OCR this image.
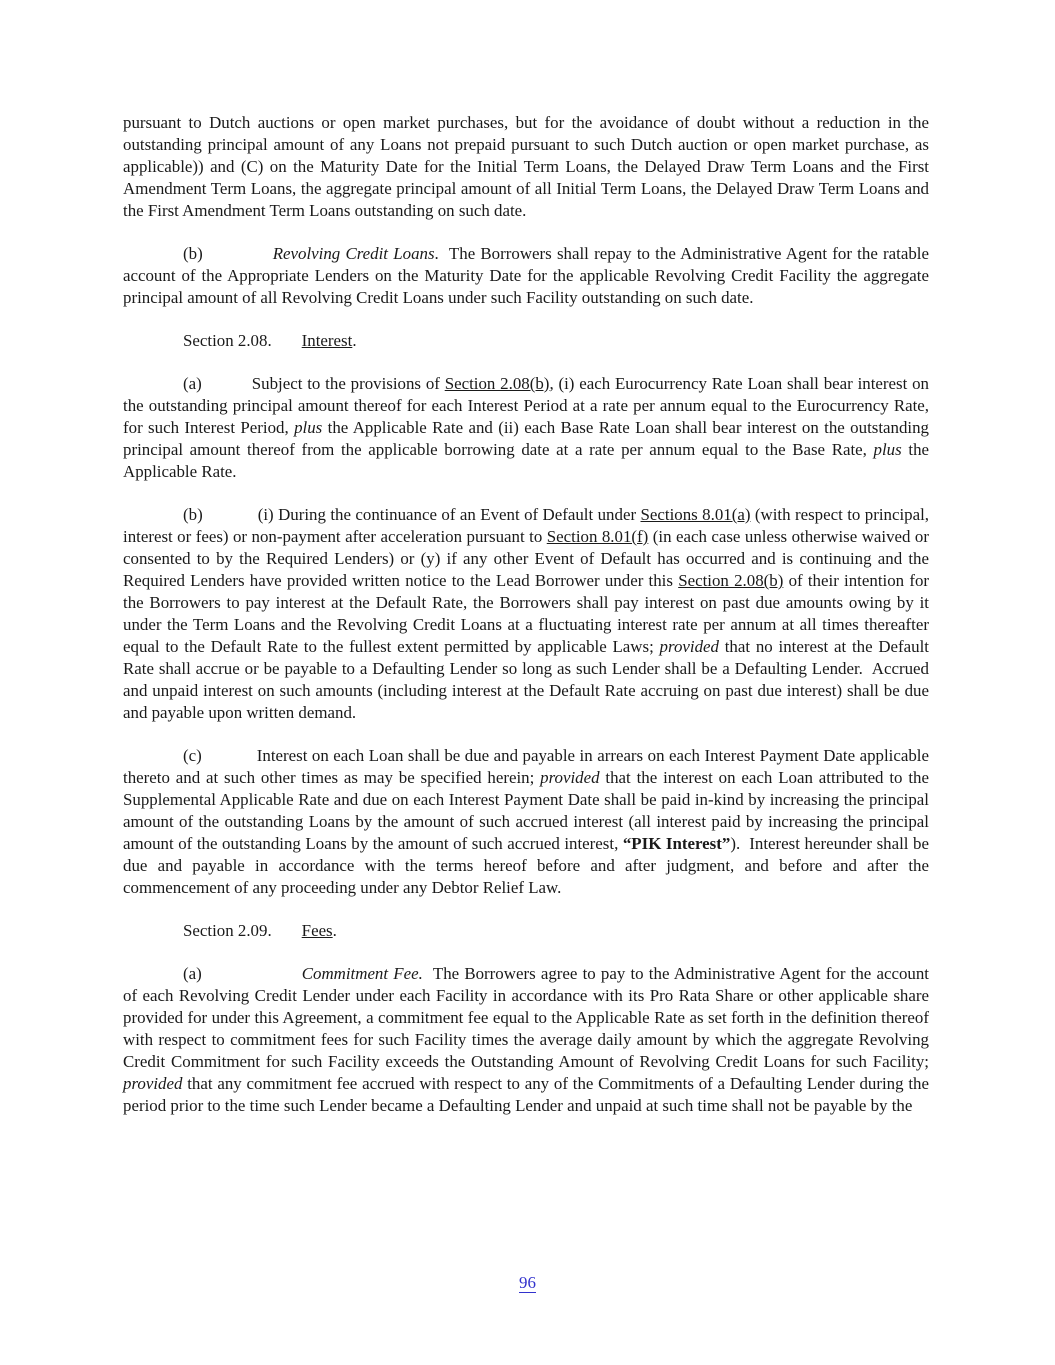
pursuant to Dutch auctions or open market purchases, but for the avoidance of doubt without a reduction in the outstanding principal amount of any Loans not prepaid pursuant to such Dutch auction or open market purchase, as applicable)) and (C) on the Maturity Date for the Initial Term Loans, the Delayed Draw Term Loans and the First Amendment Term Loans, the aggregate principal amount of all Initial Term Loans, the Delayed Draw Term Loans and the First Amendment Term Loans outstanding on such date.

(b)	Revolving Credit Loans.  The Borrowers shall repay to the Administrative Agent for the ratable account of the Appropriate Lenders on the Maturity Date for the applicable Revolving Credit Facility the aggregate principal amount of all Revolving Credit Loans under such Facility outstanding on such date.

Section 2.08. Interest.

(a)	Subject to the provisions of Section 2.08(b), (i) each Eurocurrency Rate Loan shall bear interest on the outstanding principal amount thereof for each Interest Period at a rate per annum equal to the Eurocurrency Rate, for such Interest Period, plus the Applicable Rate and (ii) each Base Rate Loan shall bear interest on the outstanding principal amount thereof from the applicable borrowing date at a rate per annum equal to the Base Rate, plus the Applicable Rate.

(b)	(i) During the continuance of an Event of Default under Sections 8.01(a) (with respect to principal, interest or fees) or non-payment after acceleration pursuant to Section 8.01(f) (in each case unless otherwise waived or consented to by the Required Lenders) or (y) if any other Event of Default has occurred and is continuing and the Required Lenders have provided written notice to the Lead Borrower under this Section 2.08(b) of their intention for the Borrowers to pay interest at the Default Rate, the Borrowers shall pay interest on past due amounts owing by it under the Term Loans and the Revolving Credit Loans at a fluctuating interest rate per annum at all times thereafter equal to the Default Rate to the fullest extent permitted by applicable Laws; provided that no interest at the Default Rate shall accrue or be payable to a Defaulting Lender so long as such Lender shall be a Defaulting Lender.  Accrued and unpaid interest on such amounts (including interest at the Default Rate accruing on past due interest) shall be due and payable upon written demand.

(c)	Interest on each Loan shall be due and payable in arrears on each Interest Payment Date applicable thereto and at such other times as may be specified herein; provided that the interest on each Loan attributed to the Supplemental Applicable Rate and due on each Interest Payment Date shall be paid in-kind by increasing the principal amount of the outstanding Loans by the amount of such accrued interest (all interest paid by increasing the principal amount of the outstanding Loans by the amount of such accrued interest, “PIK Interest”).  Interest hereunder shall be due and payable in accordance with the terms hereof before and after judgment, and before and after the commencement of any proceeding under any Debtor Relief Law.

Section 2.09. Fees.

(a)	Commitment Fee.  The Borrowers agree to pay to the Administrative Agent for the account of each Revolving Credit Lender under each Facility in accordance with its Pro Rata Share or other applicable share provided for under this Agreement, a commitment fee equal to the Applicable Rate as set forth in the definition thereof with respect to commitment fees for such Facility times the average daily amount by which the aggregate Revolving Credit Commitment for such Facility exceeds the Outstanding Amount of Revolving Credit Loans for such Facility; provided that any commitment fee accrued with respect to any of the Commitments of a Defaulting Lender during the period prior to the time such Lender became a Defaulting Lender and unpaid at such time shall not be payable by the

96
